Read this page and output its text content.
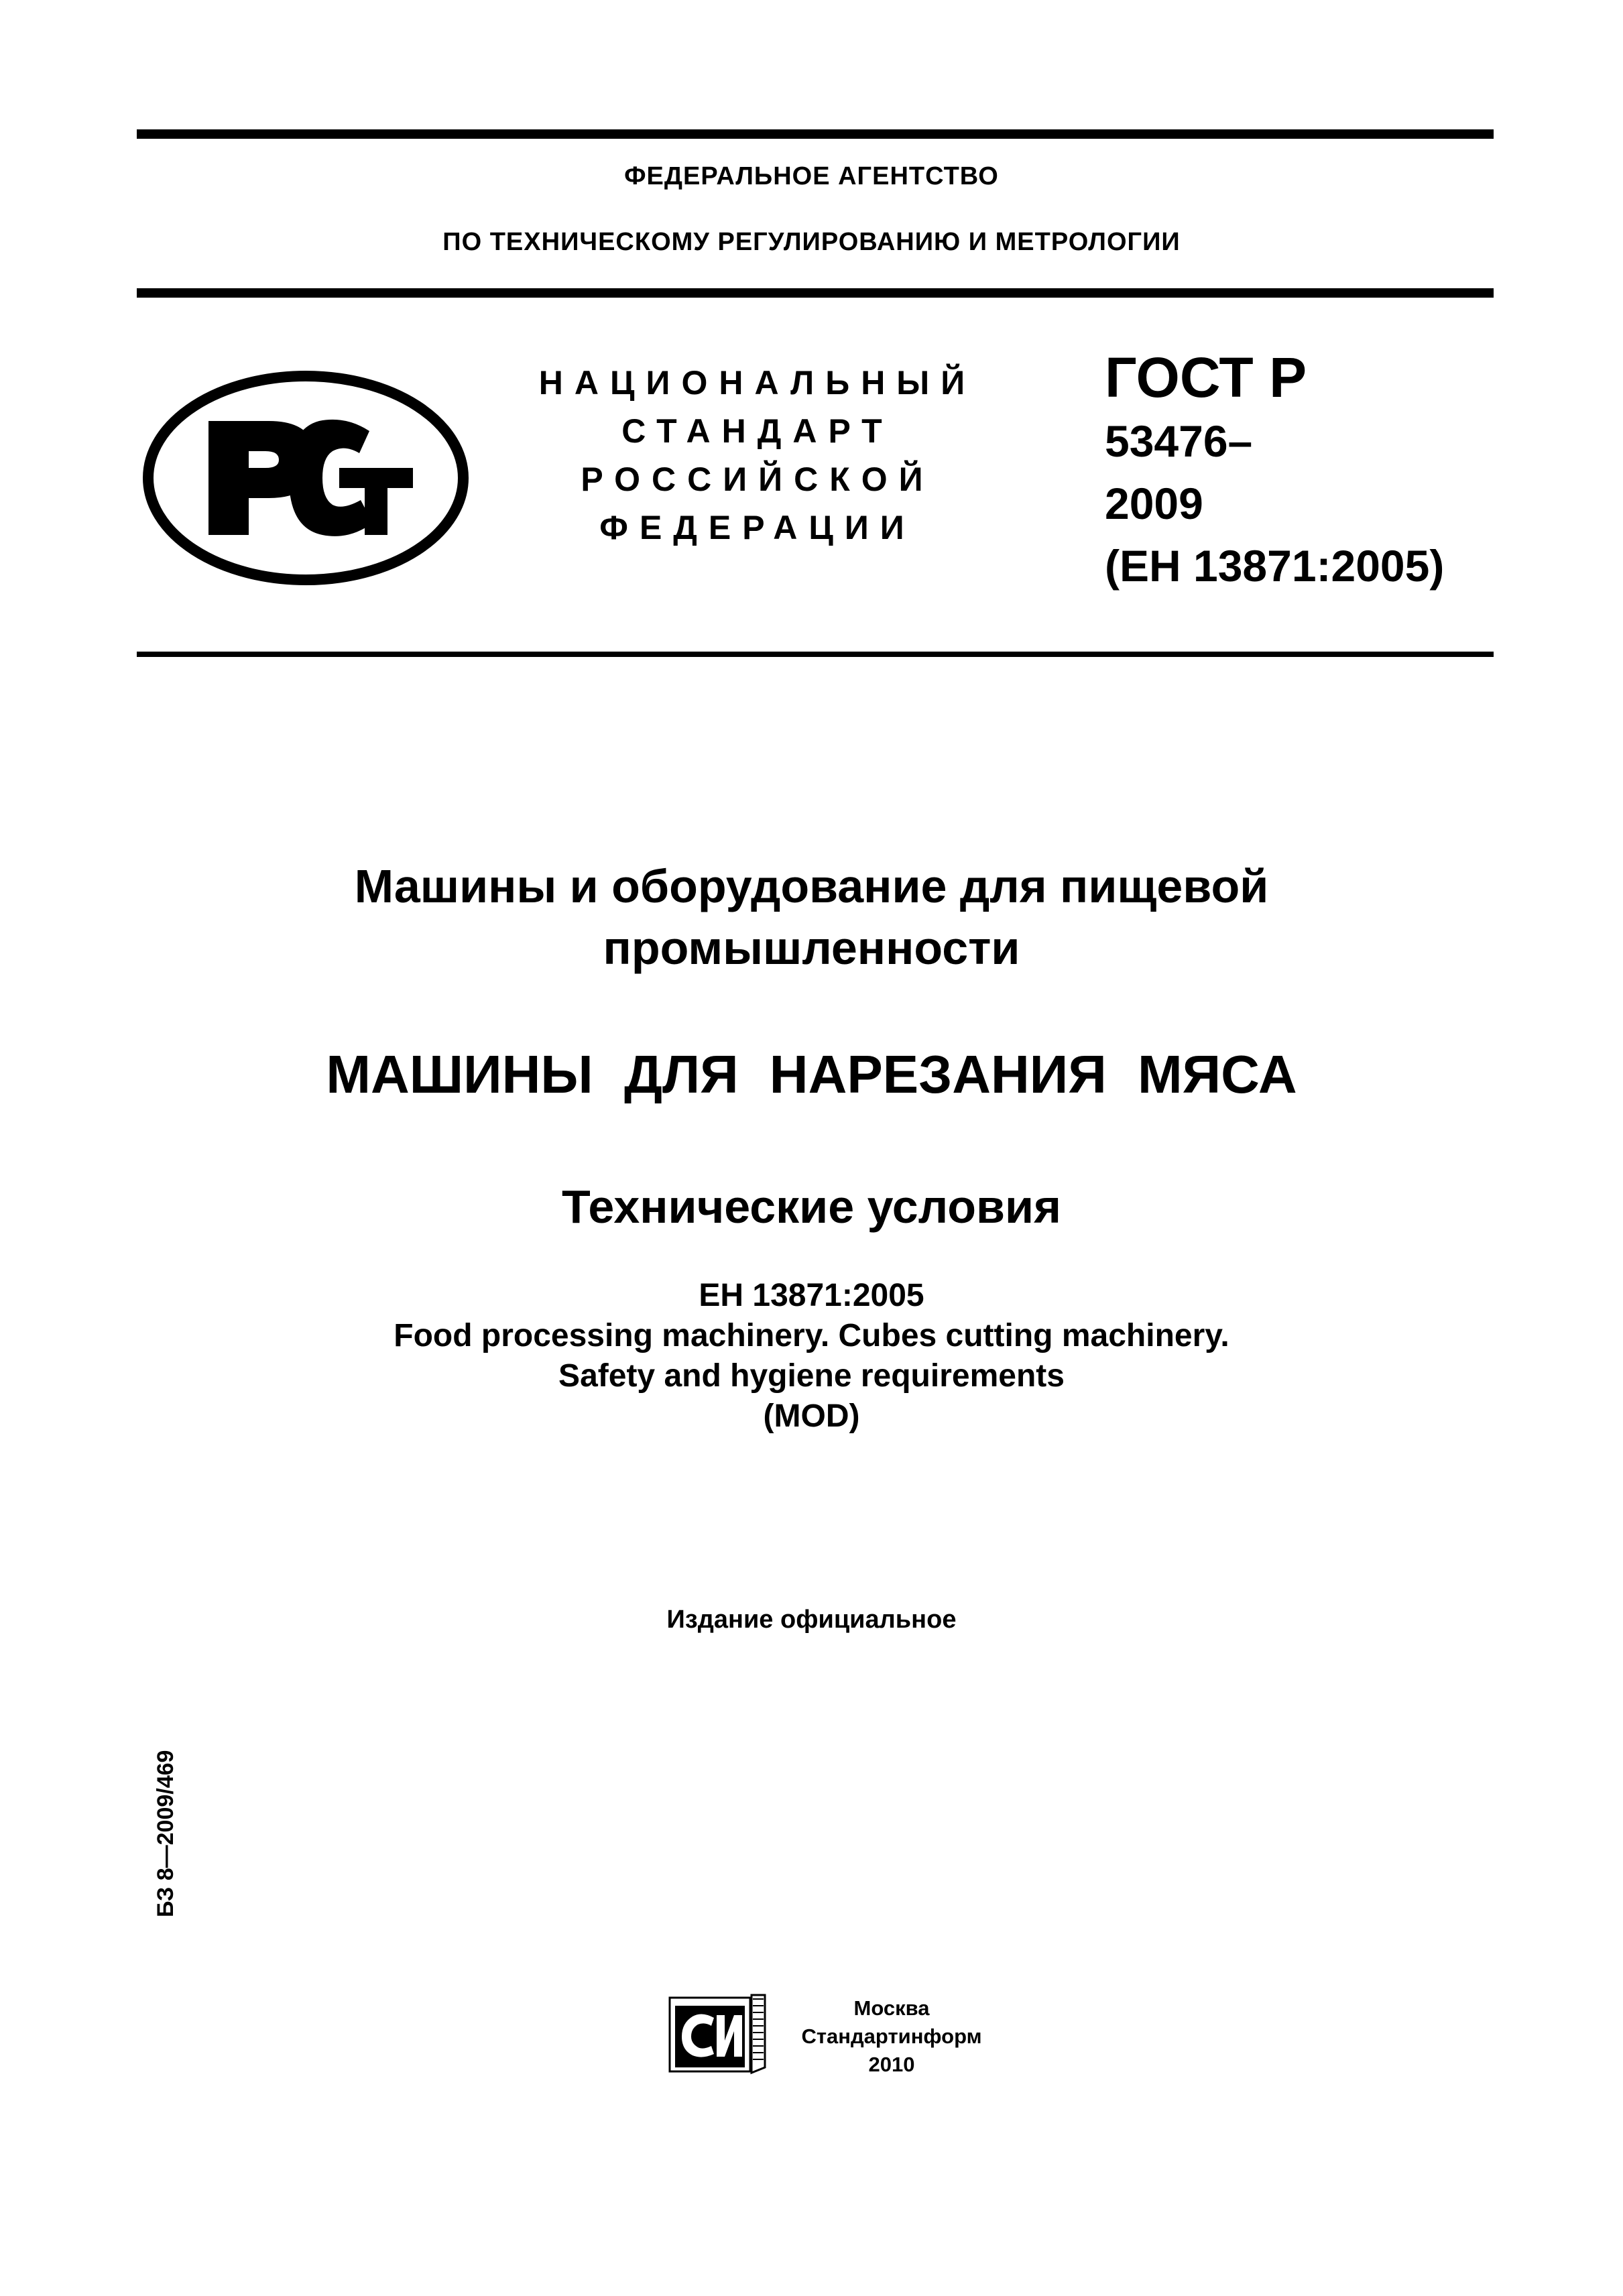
ФЕДЕРАЛЬНОЕ АГЕНТСТВО
ПО ТЕХНИЧЕСКОМУ РЕГУЛИРОВАНИЮ И МЕТРОЛОГИИ
НАЦИОНАЛЬНЫЙ
СТАНДАРТ
РОССИЙСКОЙ
ФЕДЕРАЦИИ
ГОСТ Р
53476–
2009
(ЕН 13871:2005)
Машины и оборудование для пищевой
промышленности
МАШИНЫ ДЛЯ НАРЕЗАНИЯ МЯСА
Технические условия
ЕН 13871:2005
Food processing machinery. Cubes cutting machinery.
Safety and hygiene requirements
(MOD)
Издание официальное
БЗ 8—2009/469
Москва
Стандартинформ
2010
